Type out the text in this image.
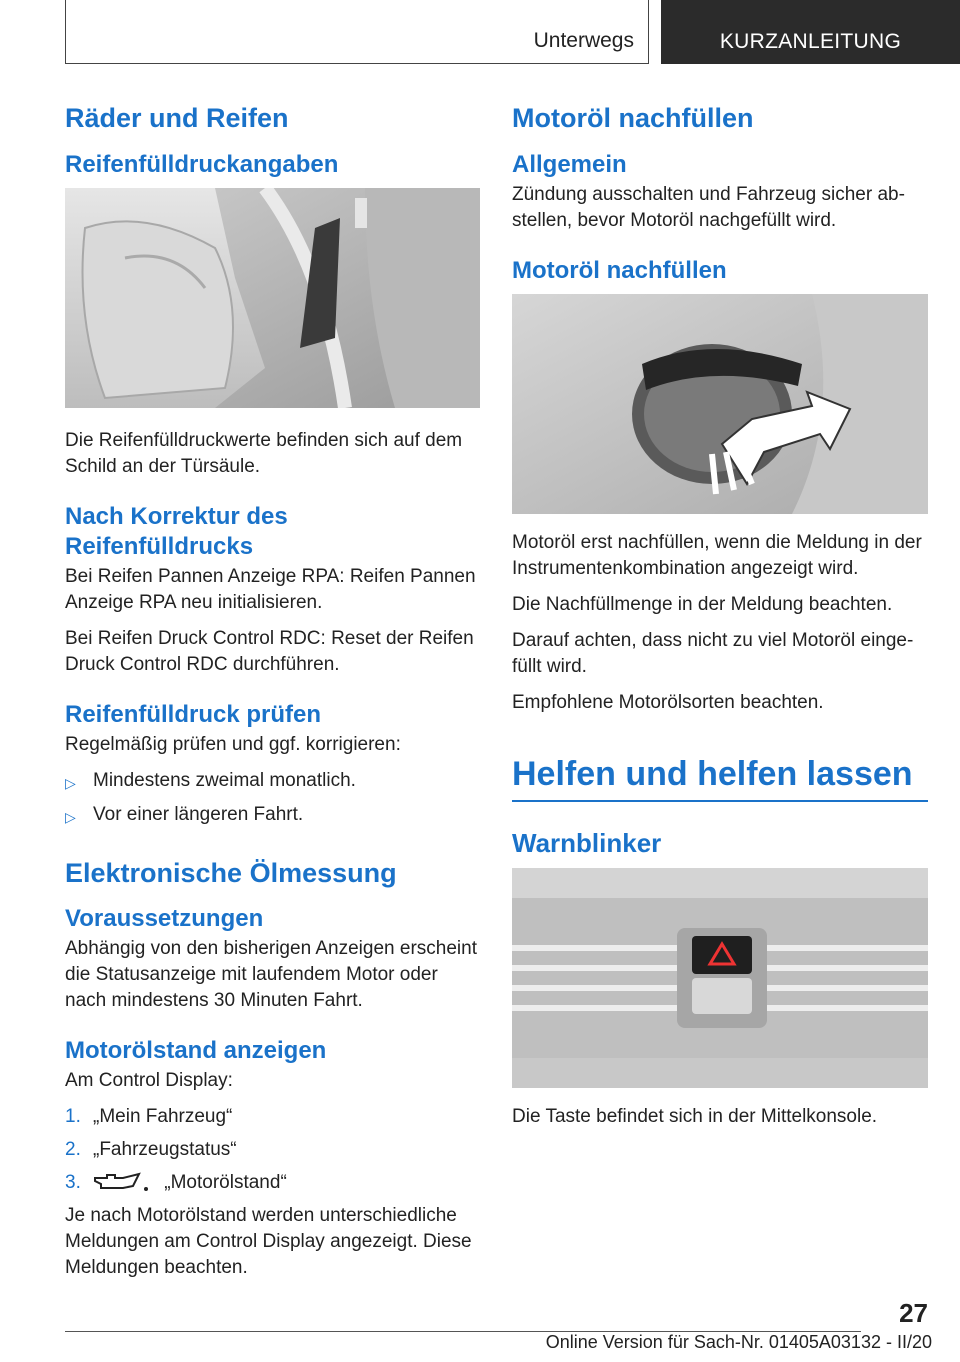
Unterwegs	KURZANLEITUNG
Räder und Reifen
Reifenfülldruckangaben

Die Reifenfülldruckwerte befinden sich auf dem Schild an der Türsäule.

Nach Korrektur des Reifenfülldrucks

Bei Reifen Pannen Anzeige RPA: Reifen Pannen Anzeige RPA neu initialisieren.

Bei Reifen Druck Control RDC: Reset der Reifen Druck Control RDC durchführen.

Reifenfülldruck prüfen

Regelmäßig prüfen und ggf. korrigieren:

▷ Mindestens zweimal monatlich.
▷ Vor einer längeren Fahrt.
Elektronische Ölmessung
Voraussetzungen

Abhängig von den bisherigen Anzeigen erscheint die Statusanzeige mit laufendem Motor oder nach mindestens 30 Minuten Fahrt.

Motorölstand anzeigen

Am Control Display:

1. „Mein Fahrzeug“
2. „Fahrzeugstatus“
3.	„Motorölstand“

Je nach Motorölstand werden unterschiedliche Meldungen am Control Display angezeigt. Diese Meldungen beachten.

Motoröl nachfüllen
Allgemein

Zündung ausschalten und Fahrzeug sicher ab-stellen, bevor Motoröl nachgefüllt wird.

Motoröl nachfüllen

Motoröl erst nachfüllen, wenn die Meldung in der Instrumentenkombination angezeigt wird.

Die Nachfüllmenge in der Meldung beachten.

Darauf achten, dass nicht zu viel Motoröl einge-füllt wird.

Empfohlene Motorölsorten beachten.

Helfen und helfen lassen
Warnblinker

Die Taste befindet sich in der Mittelkonsole.

27
Online Version für Sach-Nr. 01405A03132 - II/20
